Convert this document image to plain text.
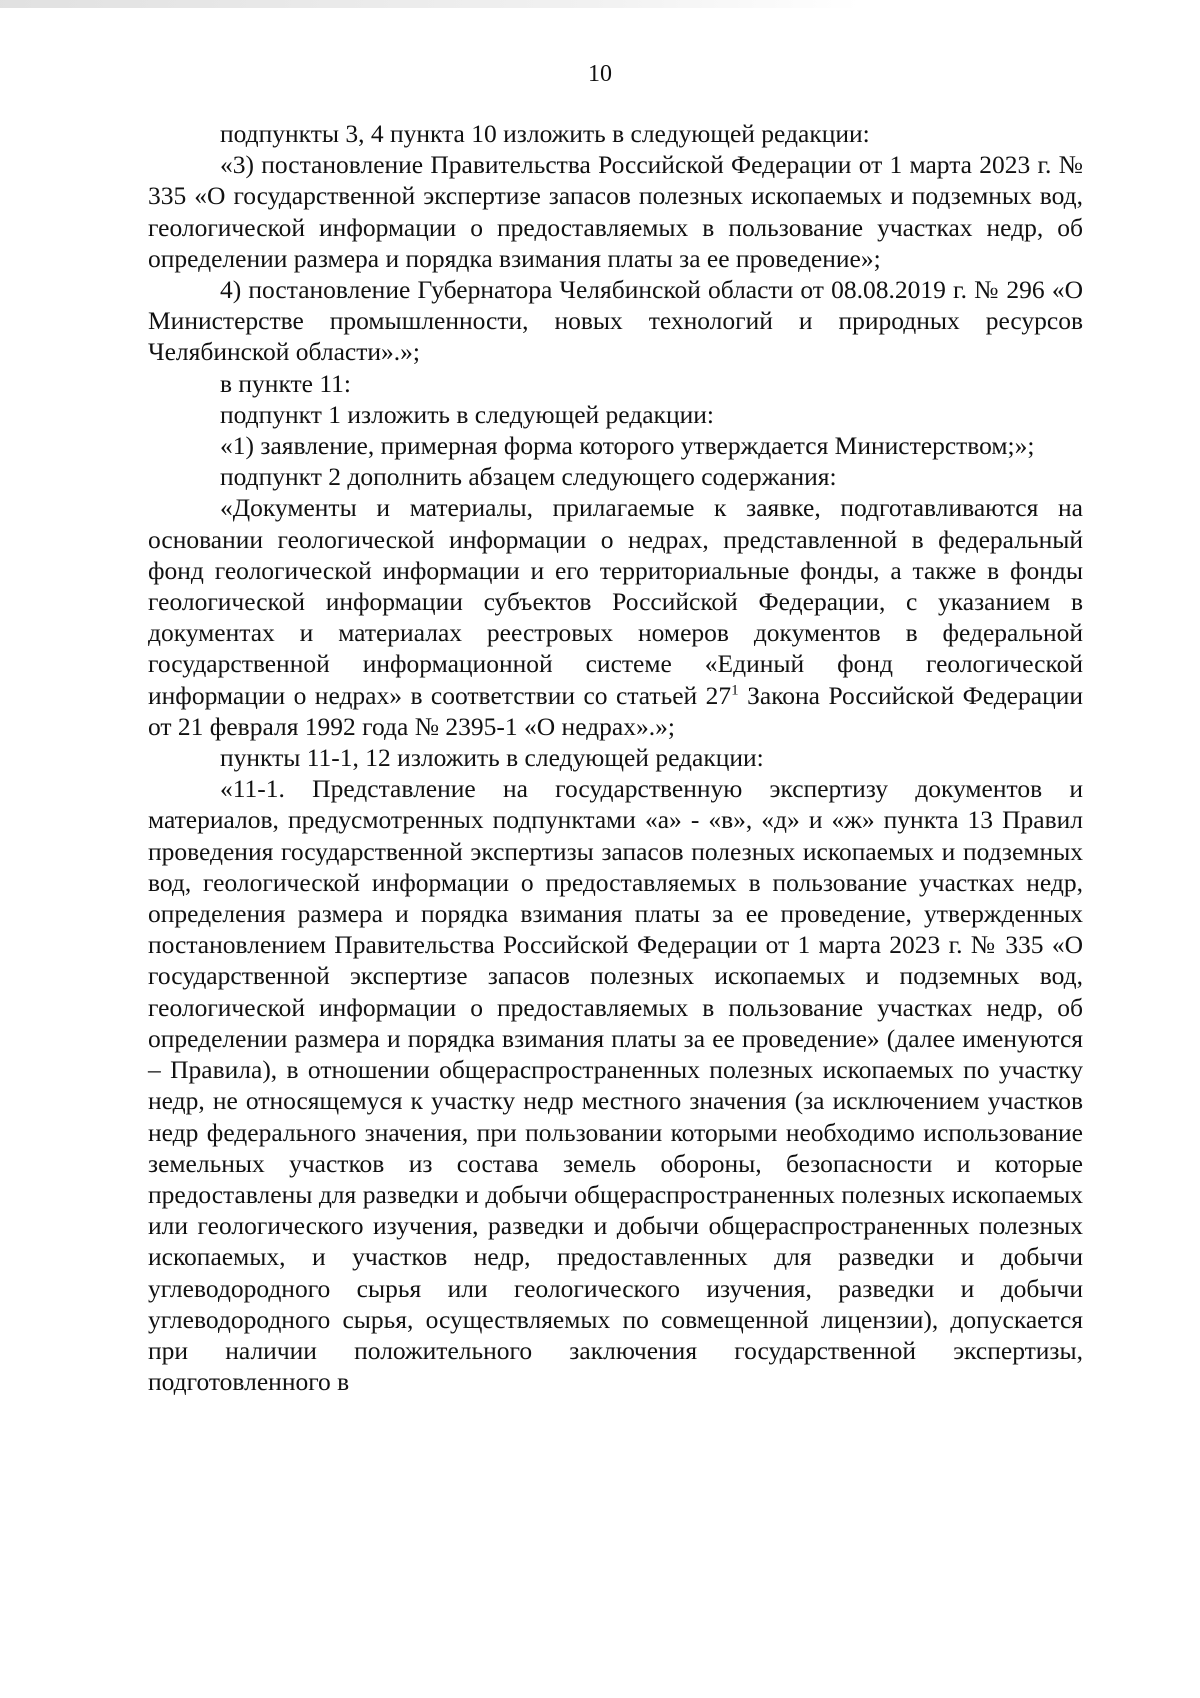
10

подпункты 3, 4 пункта 10 изложить в следующей редакции:

«3) постановление Правительства Российской Федерации от 1 марта 2023 г. № 335 «О государственной экспертизе запасов полезных ископаемых и подземных вод, геологической информации о предоставляемых в пользование участках недр, об определении размера и порядка взимания платы за ее проведение»;

4) постановление Губернатора Челябинской области от 08.08.2019 г. № 296 «О Министерстве промышленности, новых технологий и природных ресурсов Челябинской области».»;

в пункте 11:

подпункт 1 изложить в следующей редакции:

«1) заявление, примерная форма которого утверждается Министерством;»;

подпункт 2 дополнить абзацем следующего содержания:

«Документы и материалы, прилагаемые к заявке, подготавливаются на основании геологической информации о недрах, представленной в федеральный фонд геологической информации и его территориальные фонды, а также в фонды геологической информации субъектов Российской Федерации, с указанием в документах и материалах реестровых номеров документов в федеральной государственной информационной системе «Единый фонд геологической информации о недрах» в соответствии со статьей $27^1$ Закона Российской Федерации от 21 февраля 1992 года № 2395-1 «О недрах».»;

пункты 11-1, 12 изложить в следующей редакции:

«11-1. Представление на государственную экспертизу документов и материалов, предусмотренных подпунктами «а» - «в», «д» и «ж» пункта 13 Правил проведения государственной экспертизы запасов полезных ископаемых и подземных вод, геологической информации о предоставляемых в пользование участках недр, определения размера и порядка взимания платы за ее проведение, утвержденных постановлением Правительства Российской Федерации от 1 марта 2023 г. № 335 «О государственной экспертизе запасов полезных ископаемых и подземных вод, геологической информации о предоставляемых в пользование участках недр, об определении размера и порядка взимания платы за ее проведение» (далее именуются – Правила), в отношении общераспространенных полезных ископаемых по участку недр, не относящемуся к участку недр местного значения (за исключением участков недр федерального значения, при пользовании которыми необходимо использование земельных участков из состава земель обороны, безопасности и которые предоставлены для разведки и добычи общераспространенных полезных ископаемых или геологического изучения, разведки и добычи общераспространенных полезных ископаемых, и участков недр, предоставленных для разведки и добычи углеводородного сырья или геологического изучения, разведки и добычи углеводородного сырья, осуществляемых по совмещенной лицензии), допускается при наличии положительного заключения государственной экспертизы, подготовленного в
